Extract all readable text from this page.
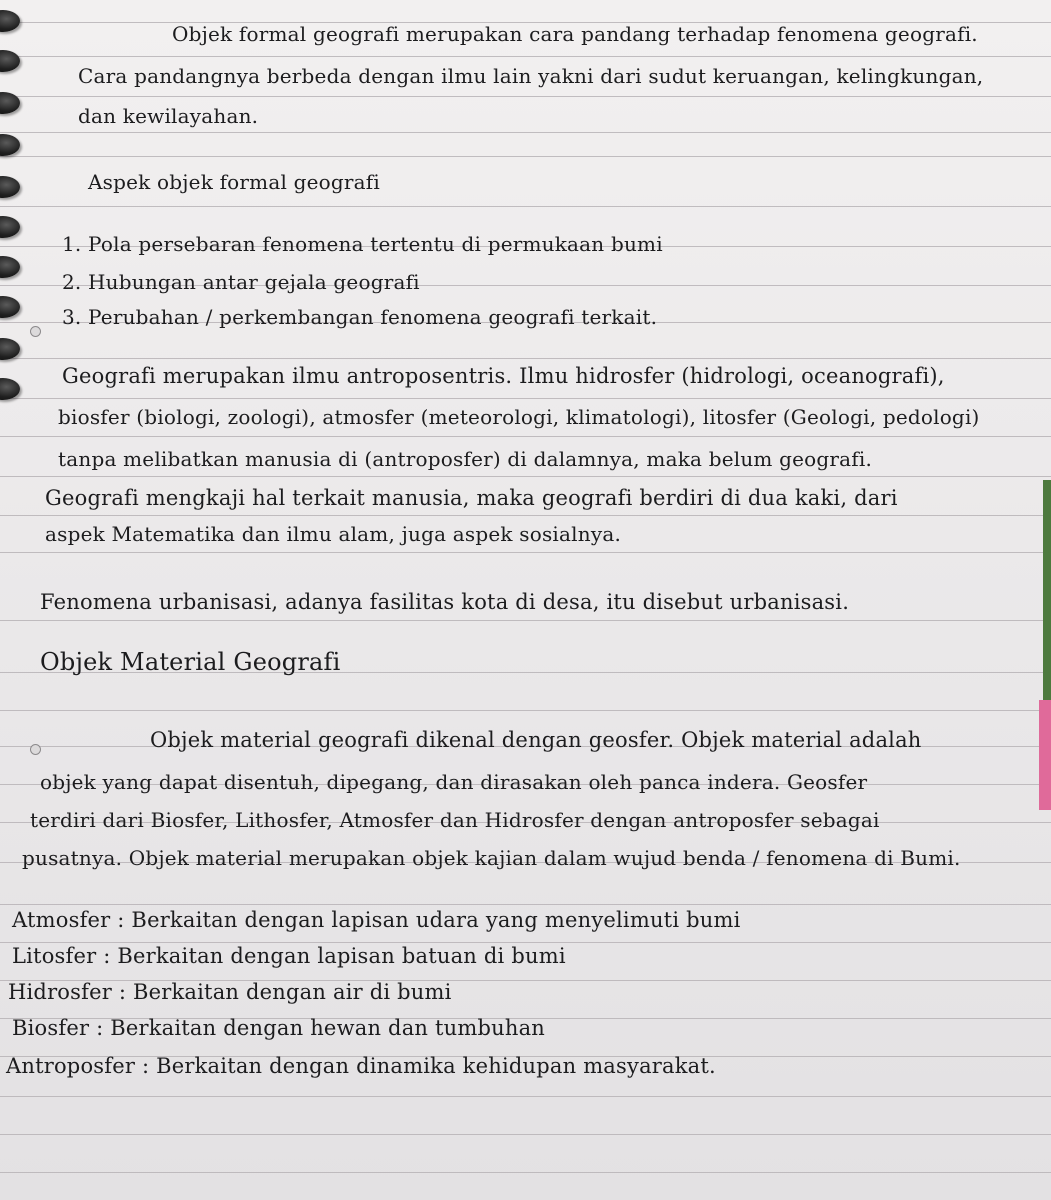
Objek formal geografi merupakan cara pandang terhadap fenomena geografi.
Cara pandangnya berbeda dengan ilmu lain yakni dari sudut keruangan, kelingkungan,
dan kewilayahan.
Aspek objek formal geografi
1. Pola persebaran fenomena tertentu di permukaan bumi
2. Hubungan antar gejala geografi
3. Perubahan / perkembangan fenomena geografi terkait.
Geografi merupakan ilmu antroposentris. Ilmu hidrosfer (hidrologi, oceanografi),
biosfer (biologi, zoologi), atmosfer (meteorologi, klimatologi), litosfer (Geologi, pedologi)
tanpa melibatkan manusia di (antroposfer) di dalamnya, maka belum geografi.
Geografi mengkaji hal terkait manusia, maka geografi berdiri di dua kaki, dari
aspek Matematika dan ilmu alam, juga aspek sosialnya.
Fenomena urbanisasi, adanya fasilitas kota di desa, itu disebut urbanisasi.
Objek Material Geografi
Objek material geografi dikenal dengan geosfer. Objek material adalah
objek yang dapat disentuh, dipegang, dan dirasakan oleh panca indera. Geosfer
terdiri dari Biosfer, Lithosfer, Atmosfer dan Hidrosfer dengan antroposfer sebagai
pusatnya. Objek material merupakan objek kajian dalam wujud benda / fenomena di Bumi.
Atmosfer : Berkaitan dengan lapisan udara yang menyelimuti bumi
Litosfer : Berkaitan dengan lapisan batuan di bumi
Hidrosfer : Berkaitan dengan air di bumi
Biosfer : Berkaitan dengan hewan dan tumbuhan
Antroposfer : Berkaitan dengan dinamika kehidupan masyarakat.
